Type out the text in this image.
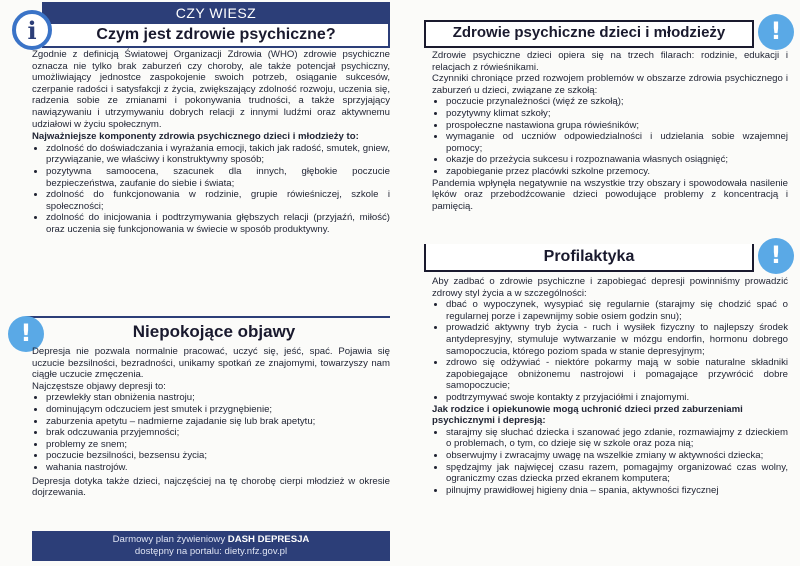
CZY WIESZ
Czym jest zdrowie psychiczne?
i

Zgodnie z definicją Światowej Organizacji Zdrowia (WHO) zdrowie psychiczne oznacza nie tylko brak zaburzeń czy choroby, ale także potencjał psychiczny, umożliwiający jednostce zaspokojenie swoich potrzeb, osiąganie sukcesów, czerpanie radości i satysfakcji z życia, zwiększający zdolność rozwoju, uczenia się, radzenia sobie ze zmianami i pokonywania trudności, a także sprzyjający nawiązywaniu i utrzymywaniu dobrych relacji z innymi ludźmi oraz aktywnemu udziałowi w życiu społecznym.

Najważniejsze komponenty zdrowia psychicznego dzieci i młodzieży to:

• zdolność do doświadczania i wyrażania emocji, takich jak radość, smutek, gniew, przywiązanie, we właściwy i konstruktywny sposób;
• pozytywna samoocena, szacunek dla innych, głębokie poczucie bezpieczeństwa, zaufanie do siebie i świata;
• zdolność do funkcjonowania w rodzinie, grupie rówieśniczej, szkole i społeczności;
• zdolność do inicjowania i podtrzymywania głębszych relacji (przyjaźń, miłość) oraz uczenia się funkcjonowania w świecie w sposób produktywny.
!	Niepokojące objawy

Depresja nie pozwala normalnie pracować, uczyć się, jeść, spać. Pojawia się uczucie bezsilności, bezradności, unikamy spotkań ze znajomymi, towarzyszy nam ciągłe uczucie zmęczenia.

Najczęstsze objawy depresji to:

• przewlekły stan obniżenia nastroju;
• dominującym odczuciem jest smutek i przygnębienie;
• zaburzenia apetytu – nadmierne zajadanie się lub brak apetytu;
• brak odczuwania przyjemności;
• problemy ze snem;
• poczucie bezsilności, bezsensu życia;
• wahania nastrojów.

Depresja dotyka także dzieci, najczęściej na tę chorobę cierpi młodzież w okresie dojrzewania.

Darmowy plan żywieniowy DASH DEPRESJA
dostępny na portalu: diety.nfz.gov.pl
Zdrowie psychiczne dzieci i młodzieży	!

Zdrowie psychiczne dzieci opiera się na trzech filarach: rodzinie, edukacji i relacjach z rówieśnikami.

Czynniki chroniące przed rozwojem problemów w obszarze zdrowia psychicznego i zaburzeń u dzieci, związane ze szkołą:

• poczucie przynależności (więź ze szkołą);
• pozytywny klimat szkoły;
• prospołeczne nastawiona grupa rówieśników;
• wymaganie od uczniów odpowiedzialności i udzielania sobie wzajemnej pomocy;
• okazje do przeżycia sukcesu i rozpoznawania własnych osiągnięć;
• zapobieganie przez placówki szkolne przemocy.

Pandemia wpłynęła negatywnie na wszystkie trzy obszary i spowodowała nasilenie lęków oraz przebodźcowanie dzieci powodujące problemy z koncentracją i pamięcią.

Profilaktyka	!

Aby zadbać o zdrowie psychiczne i zapobiegać depresji powinniśmy prowadzić zdrowy styl życia a w szczególności:

• dbać o wypoczynek, wysypiać się regularnie (starajmy się chodzić spać o regularnej porze i zapewnijmy sobie osiem godzin snu);
• prowadzić aktywny tryb życia - ruch i wysiłek fizyczny to najlepszy środek antydepresyjny, stymuluje wytwarzanie w mózgu endorfin, hormonu dobrego samopoczucia, którego poziom spada w stanie depresyjnym;
• zdrowo się odżywiać - niektóre pokarmy mają w sobie naturalne składniki zapobiegające obniżonemu nastrojowi i pomagające przywrócić dobre samopoczucie;
• podtrzymywać swoje kontakty z przyjaciółmi i znajomymi.

Jak rodzice i opiekunowie mogą uchronić dzieci przed zaburzeniami psychicznymi i depresją:

• starajmy się słuchać dziecka i szanować jego zdanie, rozmawiajmy z dzieckiem o problemach, o tym, co dzieje się w szkole oraz poza nią;
• obserwujmy i zwracajmy uwagę na wszelkie zmiany w aktywności dziecka;
• spędzajmy jak najwięcej czasu razem, pomagajmy organizować czas wolny, ograniczmy czas dziecka przed ekranem komputera;
• pilnujmy prawidłowej higieny dnia – spania, aktywności fizycznej
